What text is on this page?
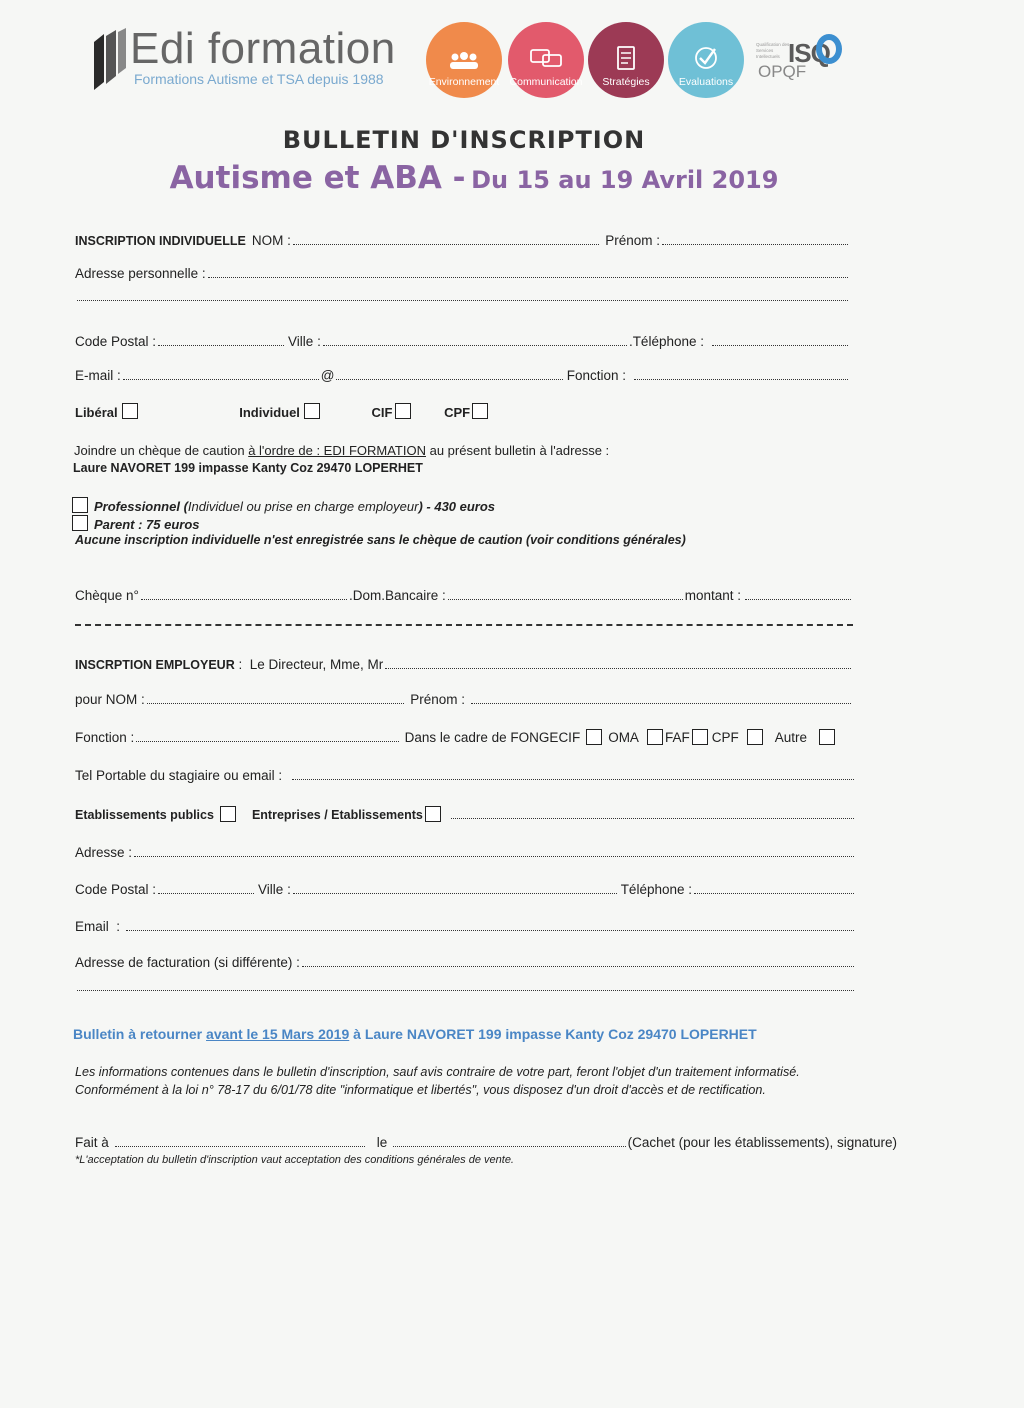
Edi formation
Formations Autisme et TSA depuis 1988	Environnement Communication Stratégies	Evaluations
Qualification des Services Intellectuels ISQ
OPQF
BULLETIN D'INSCRIPTION
Autisme et ABA - Du 15 au 19 Avril 2019
INSCRIPTION INDIVIDUELLE NOM :	Prénom :
Adresse personnelle :
Code Postal :	Ville :	.Téléphone :
E-mail :	@	Fonction :
Libéral	Individuel	CIF	CPF
Joindre un chèque de caution à l'ordre de : EDI FORMATION au présent bulletin à l'adresse :
Laure NAVORET 199 impasse Kanty Coz 29470 LOPERHET
Professionnel (Individuel ou prise en charge employeur) - 430 euros
Parent : 75 euros
Aucune inscription individuelle n'est enregistrée sans le chèque de caution (voir conditions générales)
Chèque n°	.Dom.Bancaire :	montant :
INSCRPTION EMPLOYEUR :  Le Directeur, Mme, Mr
pour NOM :	Prénom :
Fonction :	Dans le cadre de FONGECIF OMA FAF CPF	Autre
Tel Portable du stagiaire ou email :
Etablissements publics	Entreprises / Etablissements
Adresse :
Code Postal :	Ville :	Téléphone :
Email  :
Adresse de facturation (si différente) :
Bulletin à retourner avant le 15 Mars 2019 à Laure NAVORET 199 impasse Kanty Coz 29470 LOPERHET
Les informations contenues dans le bulletin d'inscription, sauf avis contraire de votre part, feront l'objet d'un traitement informatisé. Conformément à la loi n° 78-17 du 6/01/78 dite "informatique et libertés", vous disposez d'un droit d'accès et de rectification.
Fait à	le	(Cachet (pour les établissements), signature)
*L'acceptation du bulletin d'inscription vaut acceptation des conditions générales de vente.
